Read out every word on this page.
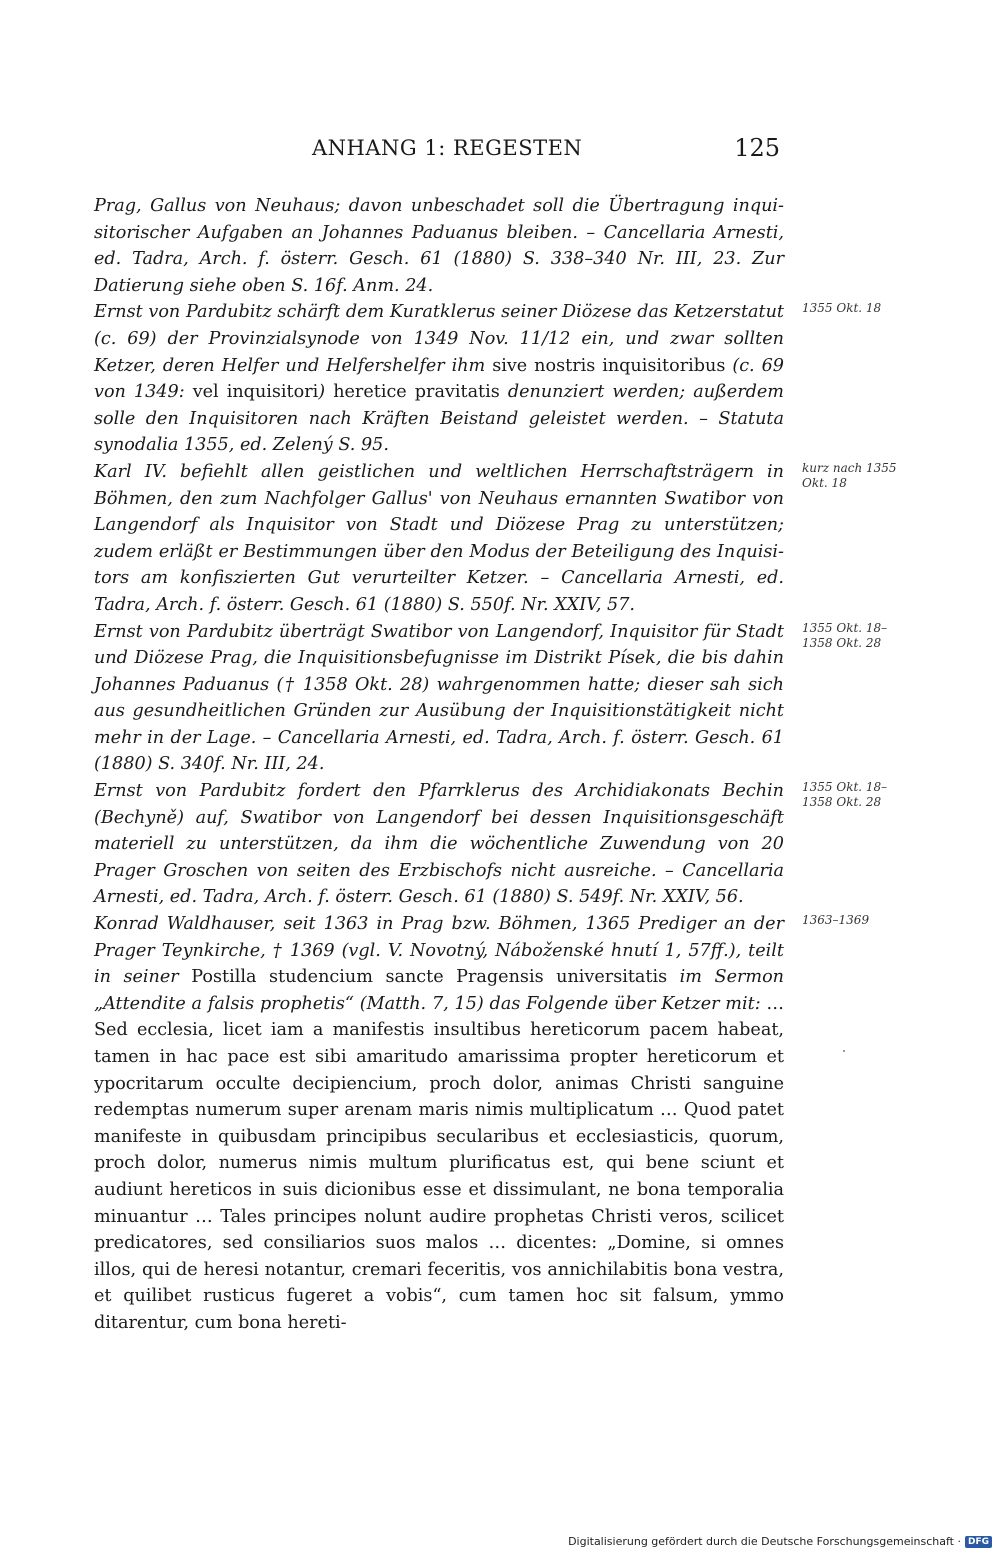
ANHANG 1: REGESTEN	125

Prag, Gallus von Neuhaus; davon unbeschadet soll die Übertragung inquisitorischer Aufgaben an Johannes Paduanus bleiben. – Cancellaria Arnesti, ed. Tadra, Arch. f. österr. Gesch. 61 (1880) S. 338–340 Nr. III, 23. Zur Datierung siehe oben S. 16f. Anm. 24.

Ernst von Pardubitz schärft dem Kuratklerus seiner Diözese das Ketzerstatut (c. 69) der Provinzialsynode von 1349 Nov. 11/12 ein, und zwar sollten Ketzer, deren Helfer und Helfershelfer ihm sive nostris inquisitoribus (c. 69 von 1349: vel inquisitori) heretice pravitatis denunziert werden; außerdem solle den Inquisitoren nach Kräften Beistand geleistet werden. – Statuta synodalia 1355, ed. Zelený S. 95.
1355 Okt. 18

Karl IV. befiehlt allen geistlichen und weltlichen Herrschaftsträgern in Böhmen, den zum Nachfolger Gallus' von Neuhaus ernannten Swatibor von Langendorf als Inquisitor von Stadt und Diözese Prag zu unterstützen; zudem erläßt er Bestimmungen über den Modus der Beteiligung des Inquisitors am konfiszierten Gut verurteilter Ketzer. – Cancellaria Arnesti, ed. Tadra, Arch. f. österr. Gesch. 61 (1880) S. 550f. Nr. XXIV, 57.
kurz nach 1355 Okt. 18

Ernst von Pardubitz überträgt Swatibor von Langendorf, Inquisitor für Stadt und Diözese Prag, die Inquisitionsbefugnisse im Distrikt Písek, die bis dahin Johannes Paduanus († 1358 Okt. 28) wahrgenommen hatte; dieser sah sich aus gesundheitlichen Gründen zur Ausübung der Inquisitionstätigkeit nicht mehr in der Lage. – Cancellaria Arnesti, ed. Tadra, Arch. f. österr. Gesch. 61 (1880) S. 340f. Nr. III, 24.
1355 Okt. 18– 1358 Okt. 28

Ernst von Pardubitz fordert den Pfarrklerus des Archidiakonats Bechin (Bechyně) auf, Swatibor von Langendorf bei dessen Inquisitionsgeschäft materiell zu unterstützen, da ihm die wöchentliche Zuwendung von 20 Prager Groschen von seiten des Erzbischofs nicht ausreiche. – Cancellaria Arnesti, ed. Tadra, Arch. f. österr. Gesch. 61 (1880) S. 549f. Nr. XXIV, 56.
1355 Okt. 18– 1358 Okt. 28

Konrad Waldhauser, seit 1363 in Prag bzw. Böhmen, 1365 Prediger an der Prager Teynkirche, † 1369 (vgl. V. Novotný, Náboženské hnutí 1, 57ff.), teilt in seiner Postilla studencium sancte Pragensis universitatis im Sermon „Attendite a falsis prophetis“ (Matth. 7, 15) das Folgende über Ketzer mit: … Sed ecclesia, licet iam a manifestis insultibus hereticorum pacem habeat, tamen in hac pace est sibi amaritudo amarissima propter hereticorum et ypocritarum occulte decipiencium, proch dolor, animas Christi sanguine redemptas numerum super arenam maris nimis multiplicatum … Quod patet manifeste in quibusdam principibus secularibus et ecclesiasticis, quorum, proch dolor, numerus nimis multum plurificatus est, qui bene sciunt et audiunt hereticos in suis dicionibus esse et dissimulant, ne bona temporalia minuantur … Tales principes nolunt audire prophetas Christi veros, scilicet predicatores, sed consiliarios suos malos … dicentes: „Domine, si omnes illos, qui de heresi notantur, cremari feceritis, vos annichilabitis bona vestra, et quilibet rusticus fugeret a vobis“, cum tamen hoc sit falsum, ymmo ditarentur, cum bona hereti-
1363–1369

Digitalisierung gefördert durch die Deutsche Forschungsgemeinschaft · DFG
